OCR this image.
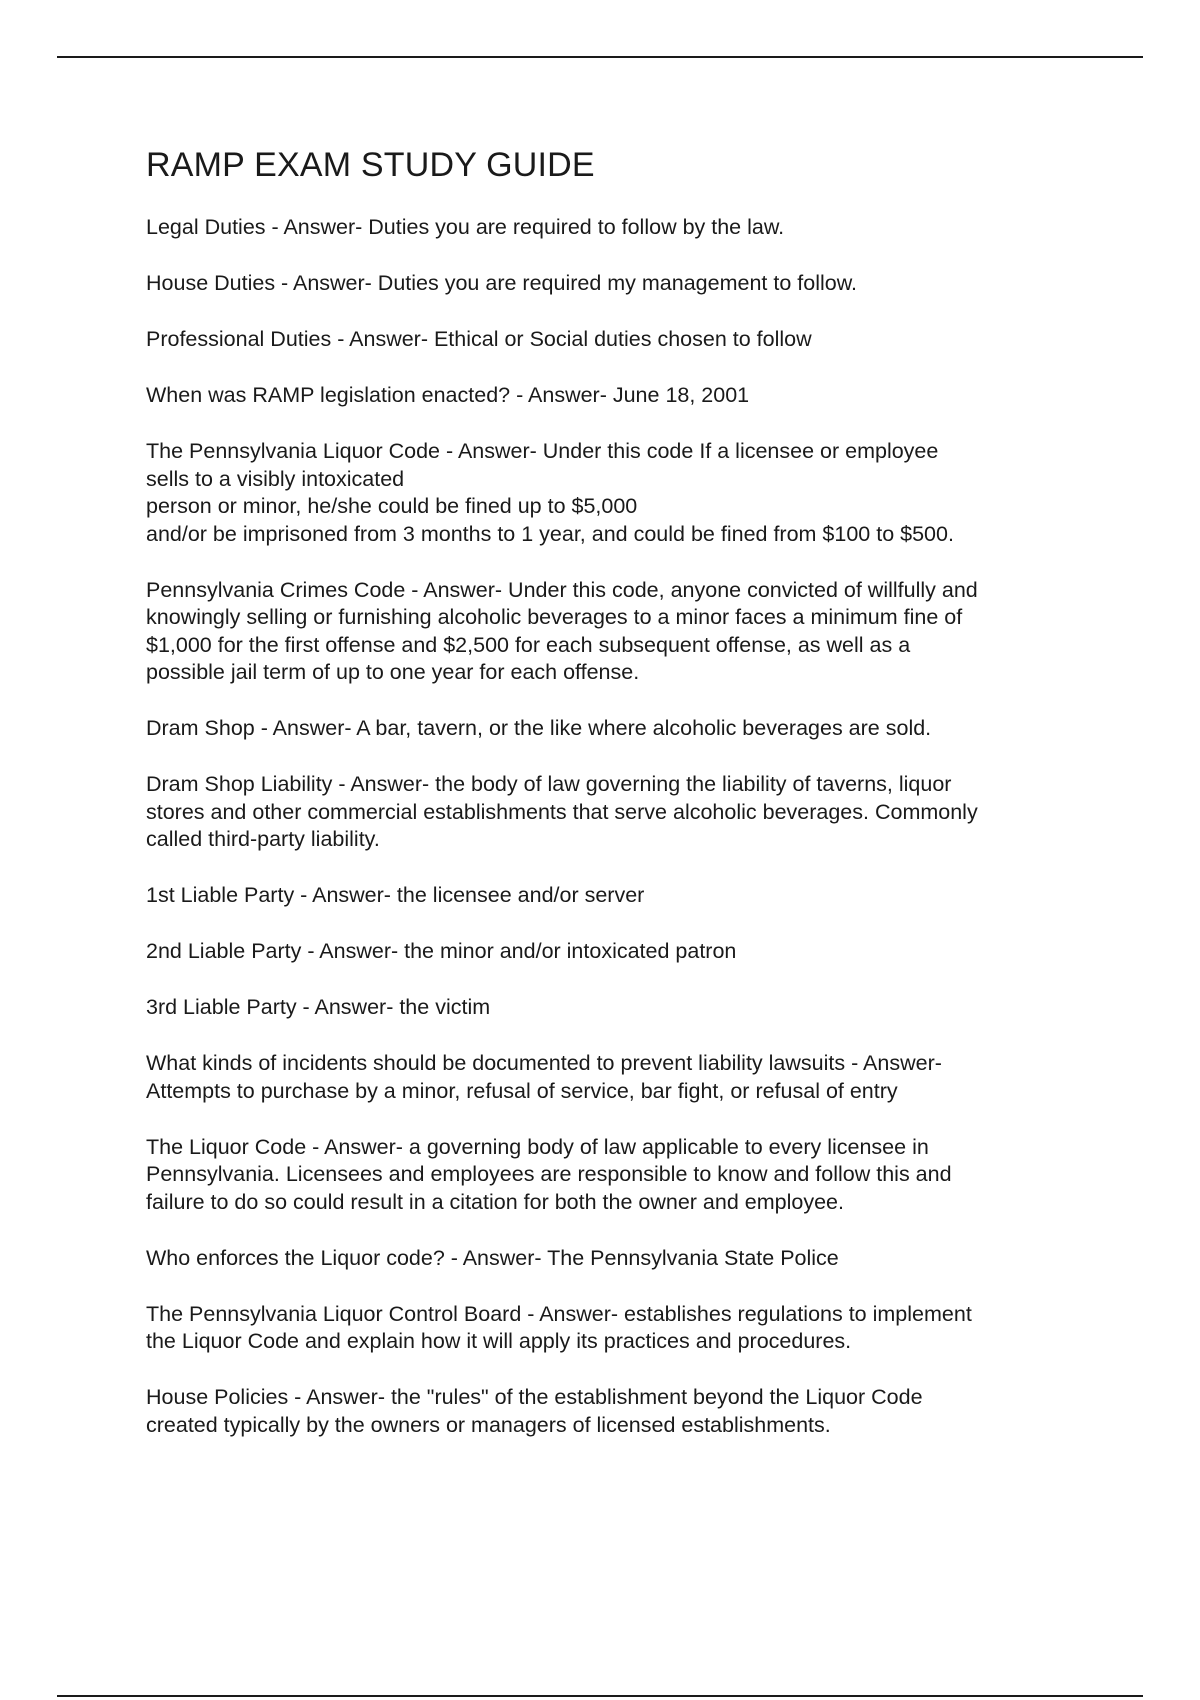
RAMP EXAM STUDY GUIDE

Legal Duties - Answer- Duties you are required to follow by the law.

House Duties - Answer- Duties you are required my management to follow.

Professional Duties - Answer- Ethical or Social duties chosen to follow

When was RAMP legislation enacted? - Answer- June 18, 2001

The Pennsylvania Liquor Code - Answer- Under this code If a licensee or employee
sells to a visibly intoxicated
person or minor, he/she could be fined up to $5,000
and/or be imprisoned from 3 months to 1 year, and could be fined from $100 to $500.

Pennsylvania Crimes Code - Answer- Under this code, anyone convicted of willfully and
knowingly selling or furnishing alcoholic beverages to a minor faces a minimum fine of
$1,000 for the first offense and $2,500 for each subsequent offense, as well as a
possible jail term of up to one year for each offense.

Dram Shop - Answer- A bar, tavern, or the like where alcoholic beverages are sold.

Dram Shop Liability - Answer- the body of law governing the liability of taverns, liquor
stores and other commercial establishments that serve alcoholic beverages. Commonly
called third-party liability.

1st Liable Party - Answer- the licensee and/or server

2nd Liable Party - Answer- the minor and/or intoxicated patron

3rd Liable Party - Answer- the victim

What kinds of incidents should be documented to prevent liability lawsuits - Answer-
Attempts to purchase by a minor, refusal of service, bar fight, or refusal of entry

The Liquor Code - Answer- a governing body of law applicable to every licensee in
Pennsylvania. Licensees and employees are responsible to know and follow this and
failure to do so could result in a citation for both the owner and employee.

Who enforces the Liquor code? - Answer- The Pennsylvania State Police

The Pennsylvania Liquor Control Board - Answer- establishes regulations to implement
the Liquor Code and explain how it will apply its practices and procedures.

House Policies - Answer- the "rules" of the establishment beyond the Liquor Code
created typically by the owners or managers of licensed establishments.
